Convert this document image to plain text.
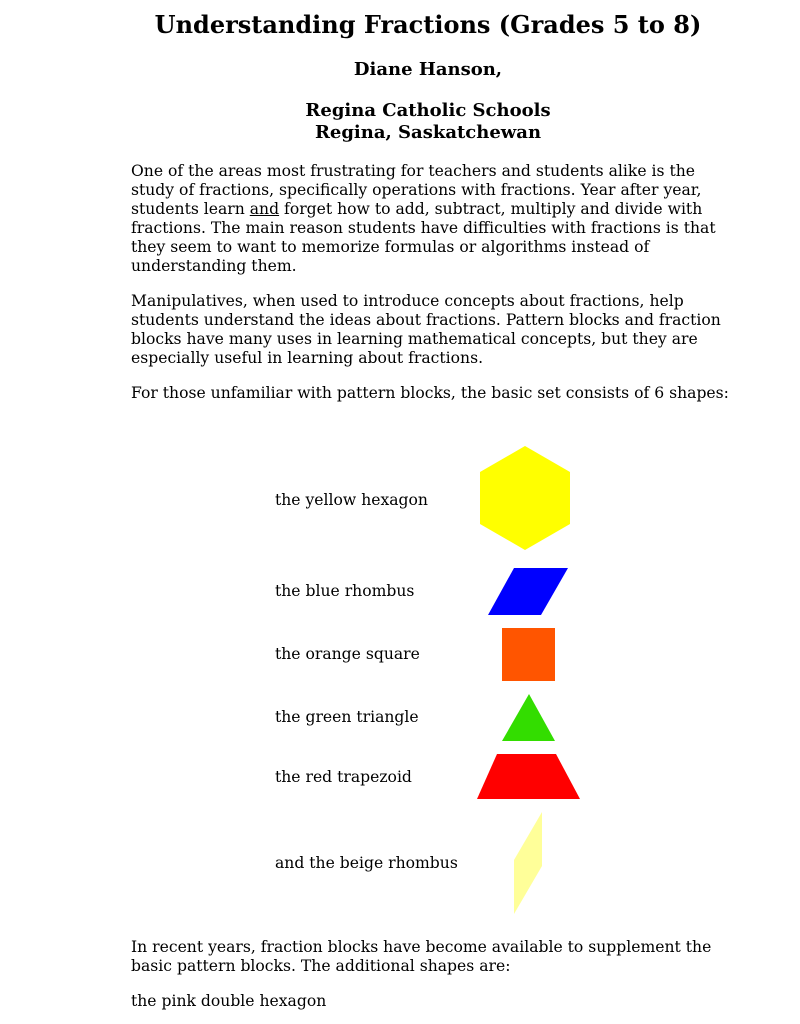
Understanding Fractions (Grades 5 to 8)
Diane Hanson,
Regina Catholic Schools
Regina, Saskatchewan

One of the areas most frustrating for teachers and students alike is the study of fractions, specifically operations with fractions. Year after year, students learn and forget how to add, subtract, multiply and divide with fractions. The main reason students have difficulties with fractions is that they seem to want to memorize formulas or algorithms instead of understanding them.

Manipulatives, when used to introduce concepts about fractions, help students understand the ideas about fractions. Pattern blocks and fraction blocks have many uses in learning mathematical concepts, but they are especially useful in learning about fractions.

For those unfamiliar with pattern blocks, the basic set consists of 6 shapes:

the yellow hexagon
the blue rhombus
the orange square
the green triangle
the red trapezoid
and the beige rhombus

In recent years, fraction blocks have become available to supplement the basic pattern blocks. The additional shapes are:

the pink double hexagon
